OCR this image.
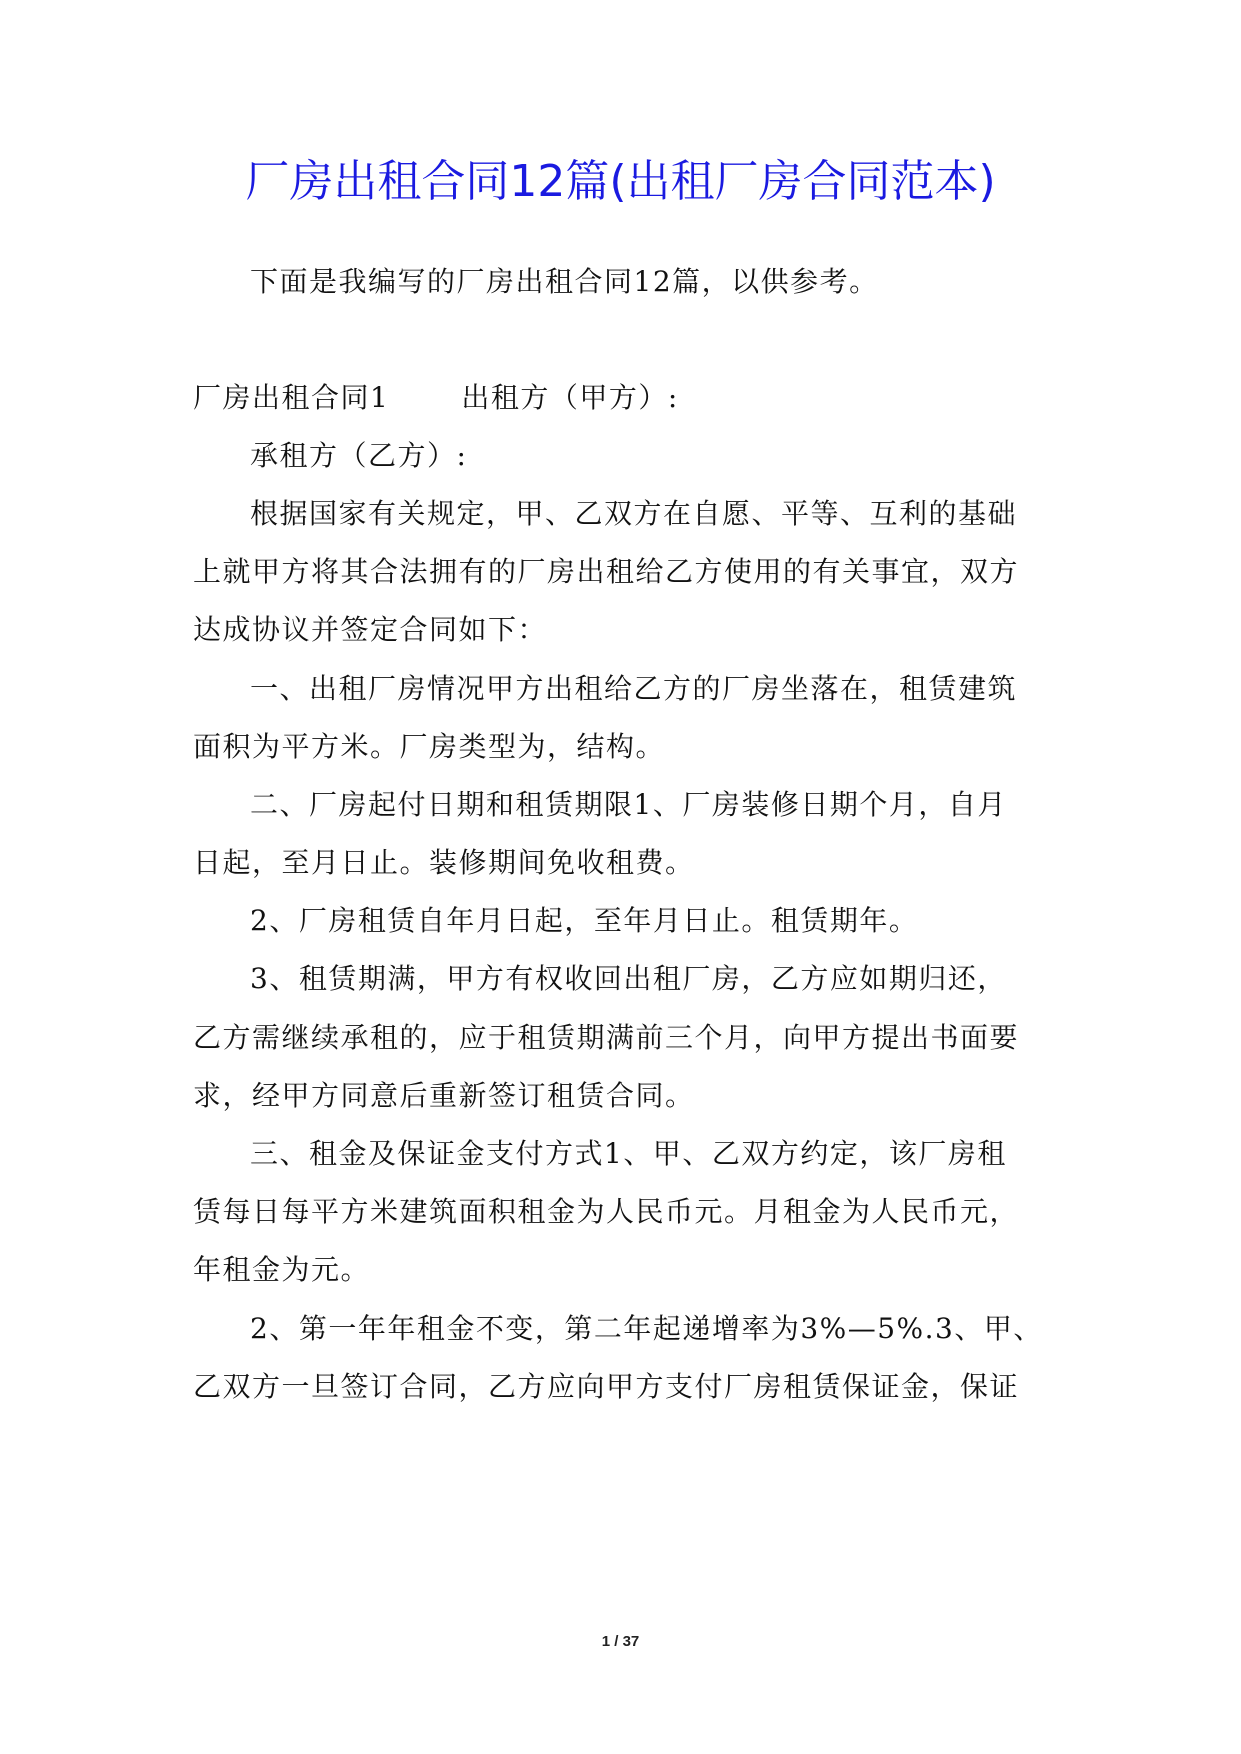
厂房出租合同12篇(出租厂房合同范本)
下面是我编写的厂房出租合同12篇，以供参考。
厂房出租合同1	出租方（甲方）:
承租方（乙方）:
根据国家有关规定，甲、乙双方在自愿、平等、互利的基础
上就甲方将其合法拥有的厂房出租给乙方使用的有关事宜，双方
达成协议并签定合同如下：
一、出租厂房情况甲方出租给乙方的厂房坐落在，租赁建筑
面积为平方米。厂房类型为，结构。
二、厂房起付日期和租赁期限1、厂房装修日期个月，自月
日起，至月日止。装修期间免收租费。
2、厂房租赁自年月日起，至年月日止。租赁期年。
3、租赁期满，甲方有权收回出租厂房，乙方应如期归还，
乙方需继续承租的，应于租赁期满前三个月，向甲方提出书面要
求，经甲方同意后重新签订租赁合同。
三、租金及保证金支付方式1、甲、乙双方约定，该厂房租
赁每日每平方米建筑面积租金为人民币元。月租金为人民币元，
年租金为元。
2、第一年年租金不变，第二年起递增率为3%—5%.3、甲、
乙双方一旦签订合同，乙方应向甲方支付厂房租赁保证金，保证
1 / 37
